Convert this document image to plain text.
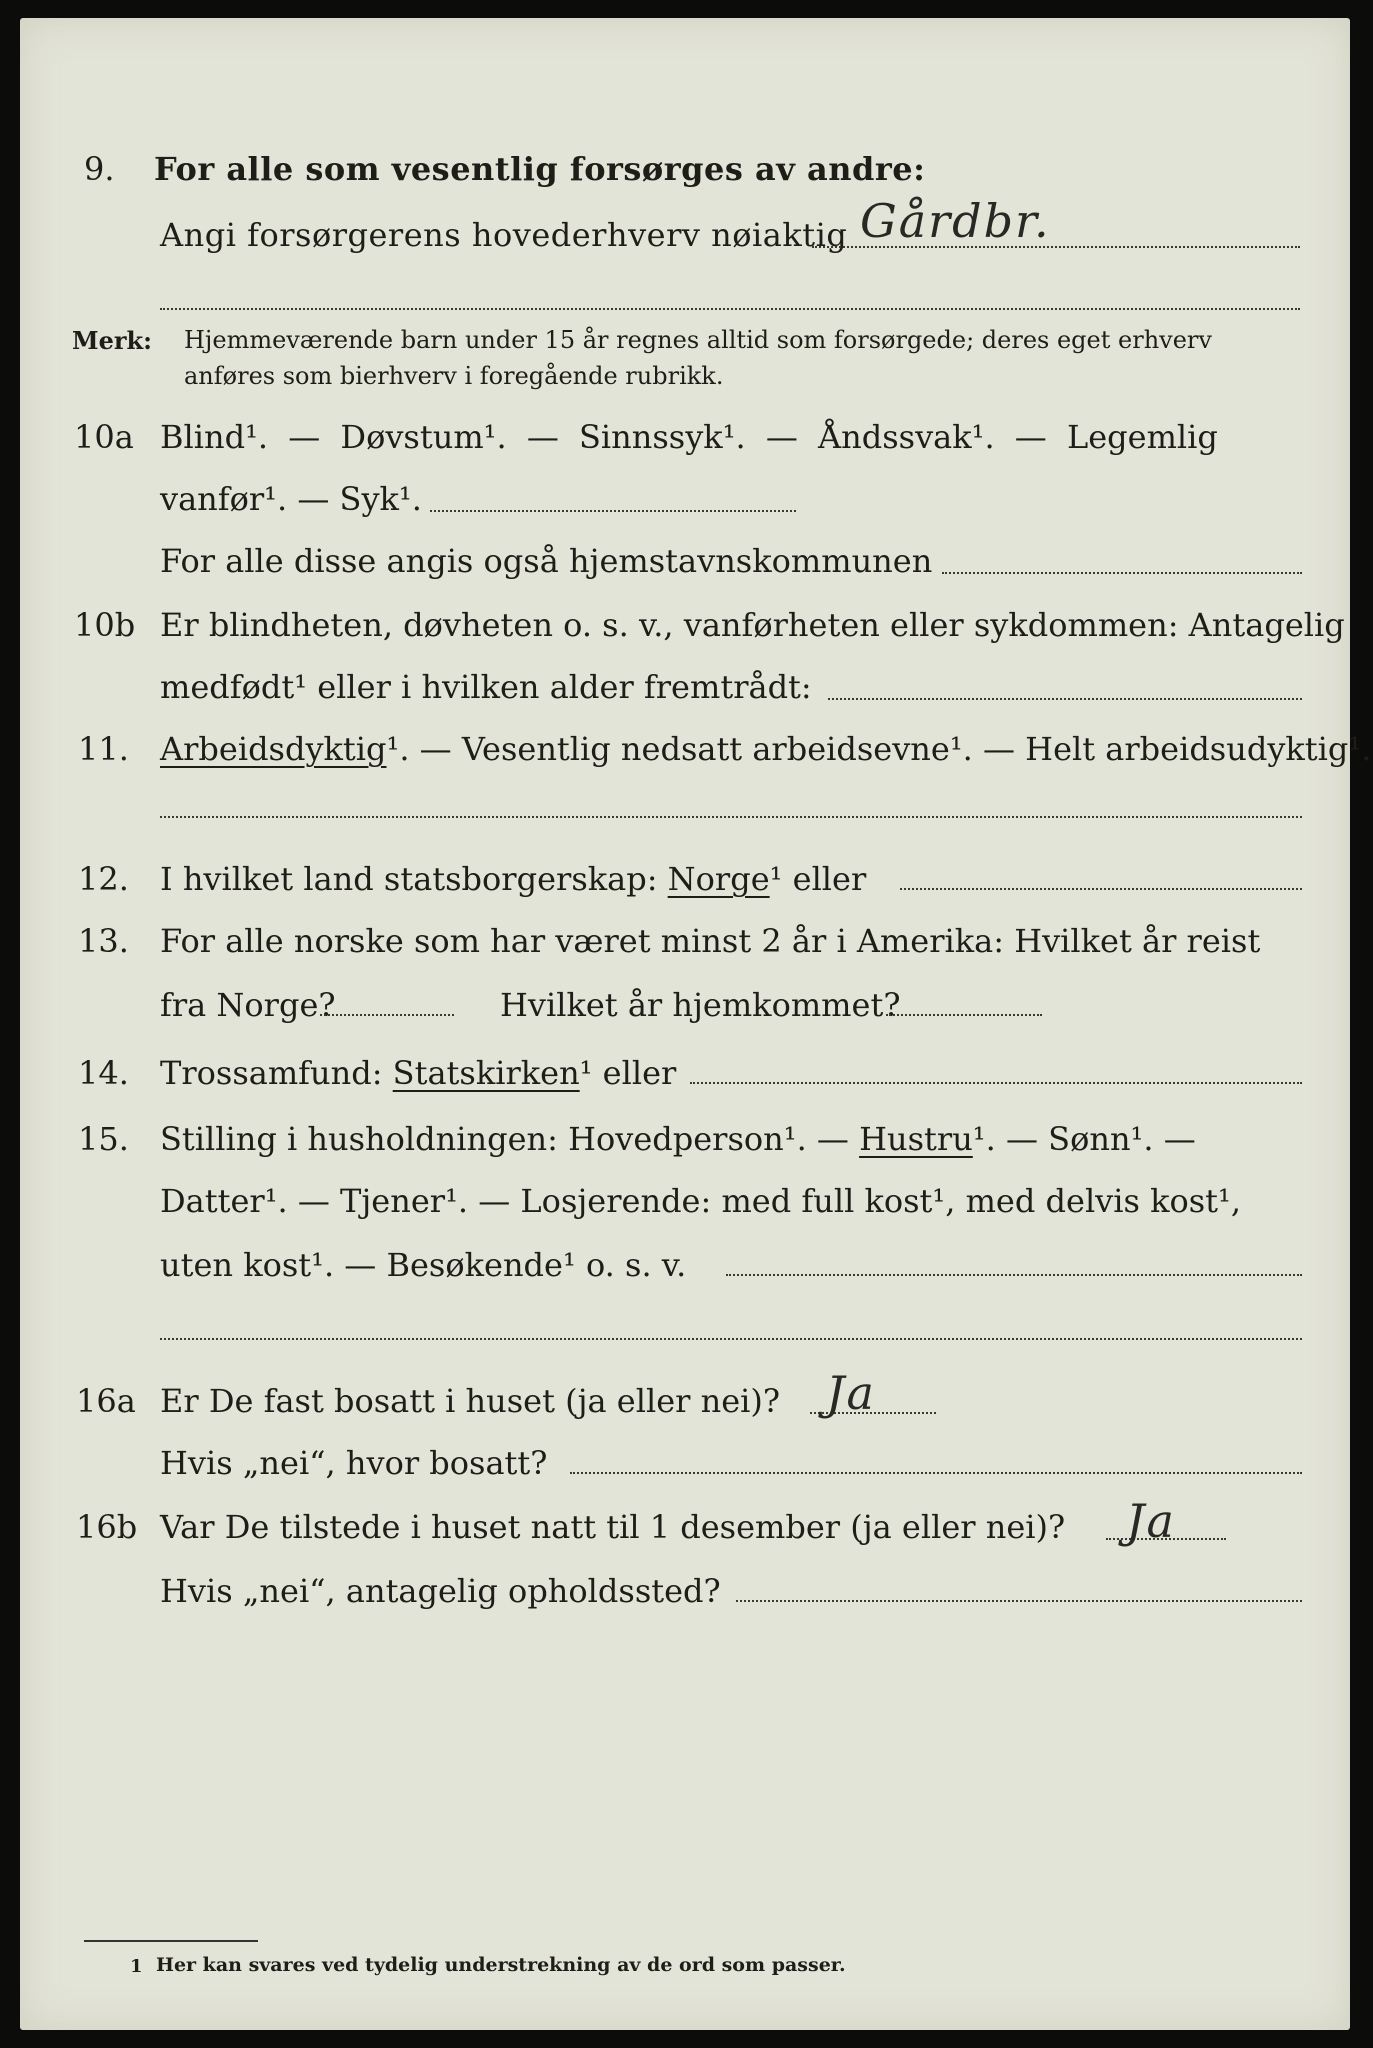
9. For alle som vesentlig forsørges av andre:
Angi forsørgerens hovederhverv nøiaktig Gårdbr.
Merk: Hjemmeværende barn under 15 år regnes alltid som forsørgede; deres eget erhverv
anføres som bierhverv i foregående rubrikk.
10a Blind¹. — Døvstum¹. — Sinnssyk¹. — Åndssvak¹. — Legemlig
vanfør¹. — Syk¹.
For alle disse angis også hjemstavnskommunen
10b Er blindheten, døvheten o. s. v., vanførheten eller sykdommen: Antagelig
medfødt¹ eller i hvilken alder fremtrådt:
11. Arbeidsdyktig¹. — Vesentlig nedsatt arbeidsevne¹. — Helt arbeidsudyktig¹.
12. I hvilket land statsborgerskap: Norge¹ eller
13. For alle norske som har været minst 2 år i Amerika: Hvilket år reist
fra Norge?	Hvilket år hjemkommet?
14. Trossamfund: Statskirken¹ eller
15. Stilling i husholdningen: Hovedperson¹. — Hustru¹. — Sønn¹. —
Datter¹. — Tjener¹. — Losjerende: med full kost¹, med delvis kost¹,
uten kost¹. — Besøkende¹ o. s. v.
16a Er De fast bosatt i huset (ja eller nei)? Ja
Hvis „nei“, hvor bosatt?
16b Var De tilstede i huset natt til 1 desember (ja eller nei)? Ja
Hvis „nei“, antagelig opholdssted?
1 Her kan svares ved tydelig understrekning av de ord som passer.
